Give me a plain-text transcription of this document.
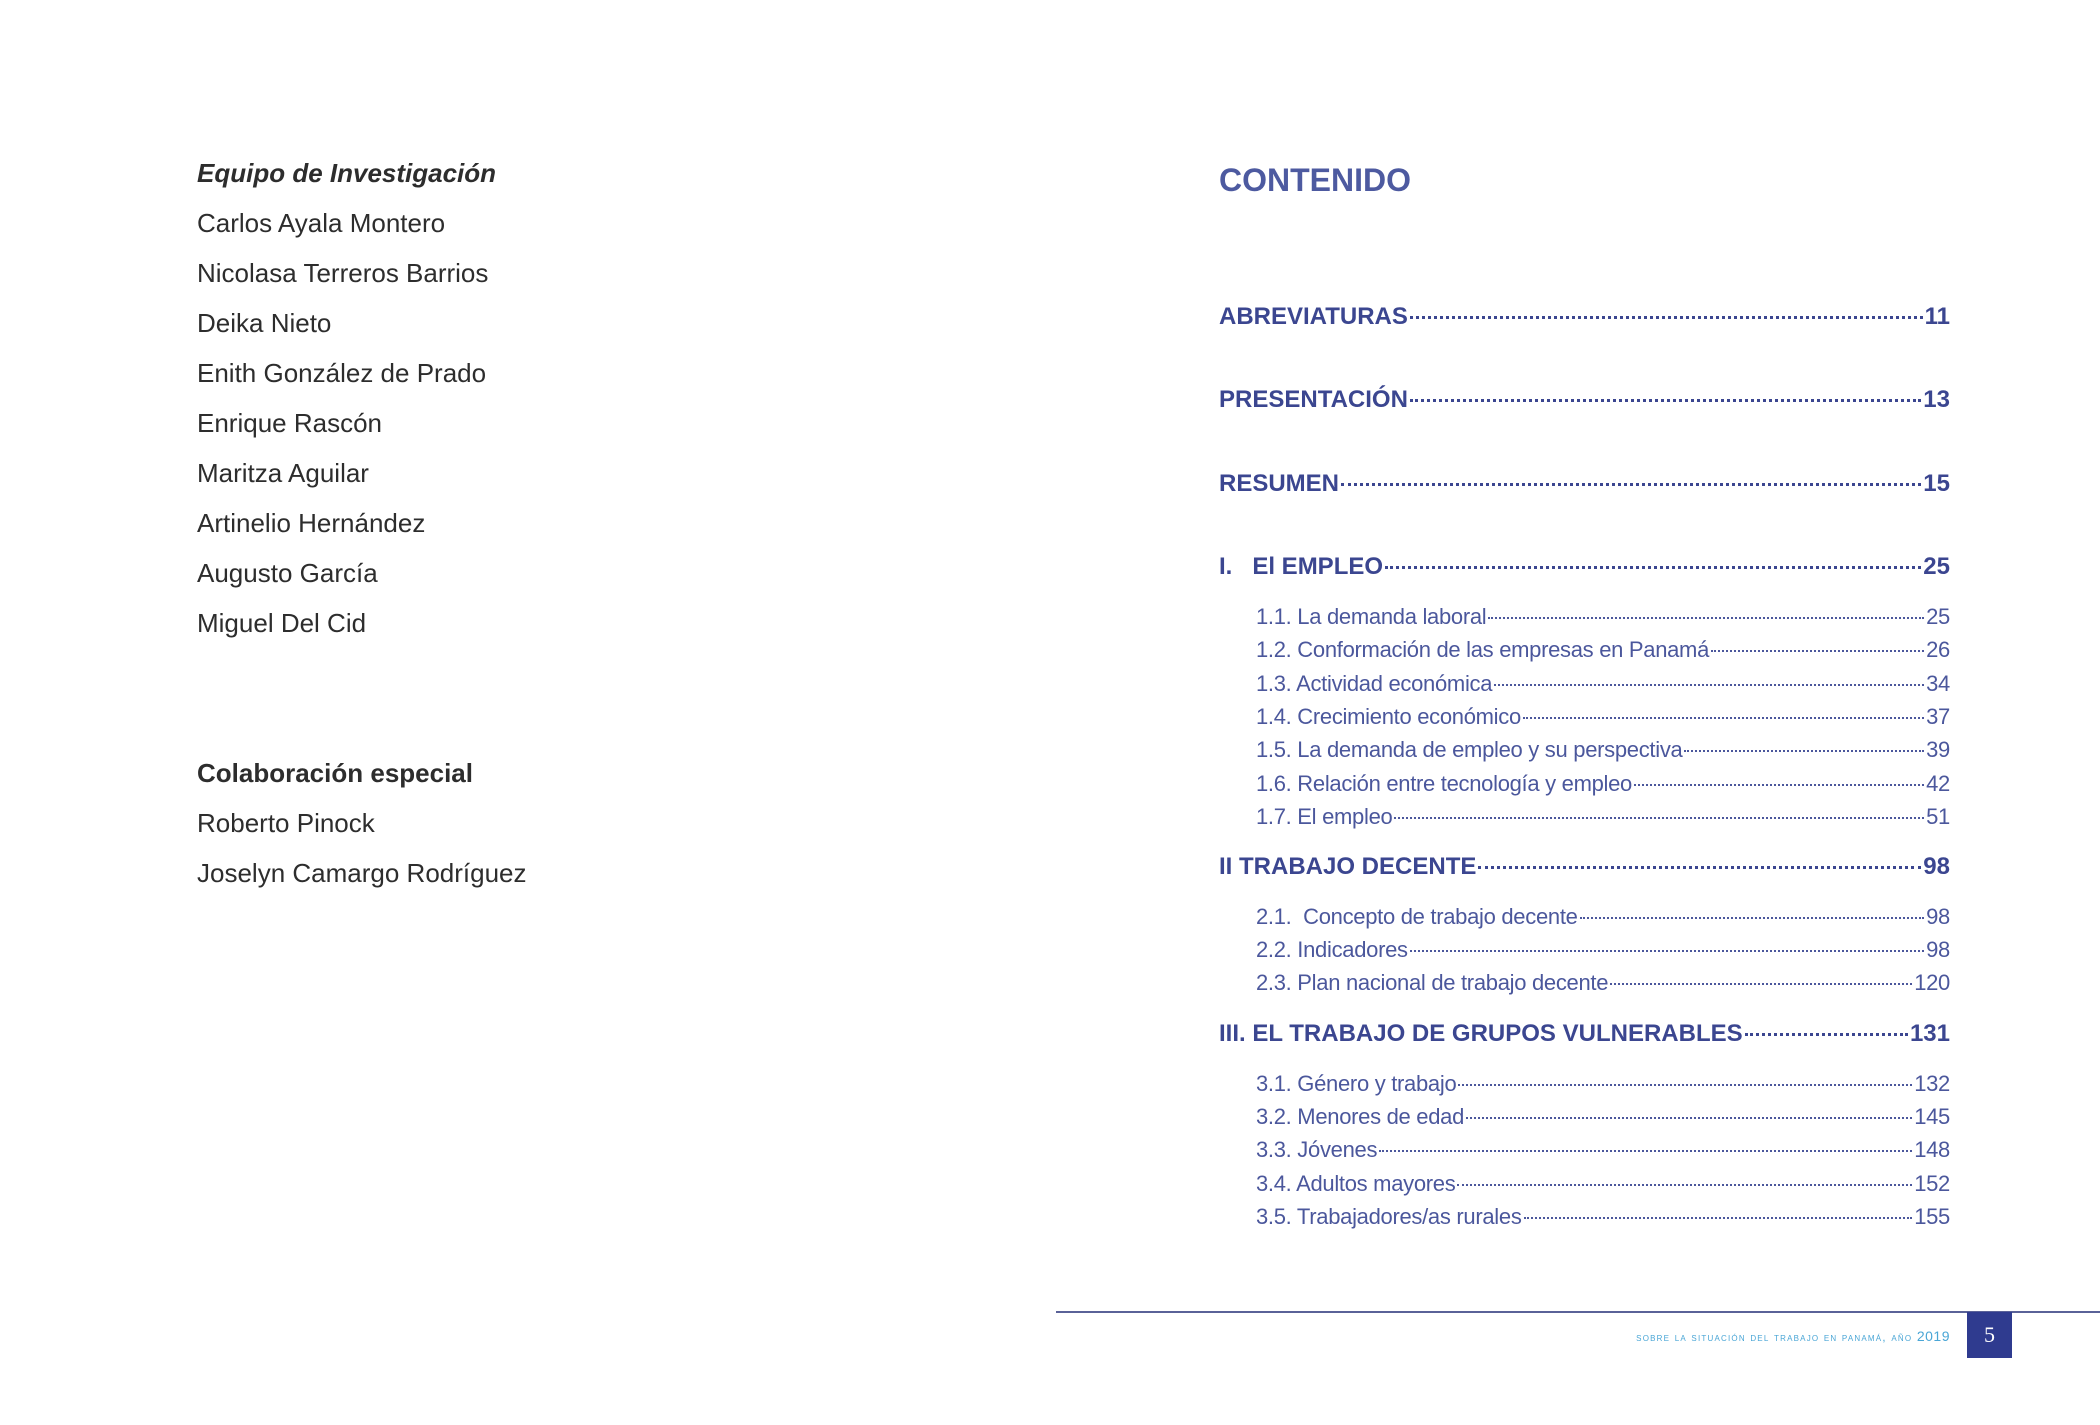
Equipo de Investigación
Carlos Ayala Montero
Nicolasa Terreros Barrios
Deika Nieto
Enith González de Prado
Enrique Rascón
Maritza Aguilar
Artinelio Hernández
Augusto García
Miguel Del Cid
Colaboración especial
Roberto Pinock
Joselyn Camargo Rodríguez
CONTENIDO
ABREVIATURAS	11
PRESENTACIÓN	13
RESUMEN	15
I.   El EMPLEO	25
1.1. La demanda laboral	25
1.2. Conformación de las empresas en Panamá	26
1.3. Actividad económica	34
1.4. Crecimiento económico	37
1.5. La demanda de empleo y su perspectiva	39
1.6. Relación entre tecnología y empleo	42
1.7. El empleo	51
II TRABAJO DECENTE	98
2.1.  Concepto de trabajo decente	98
2.2. Indicadores	98
2.3. Plan nacional de trabajo decente	120
III. EL TRABAJO DE GRUPOS VULNERABLES	131
3.1. Género y trabajo	132
3.2. Menores de edad	145
3.3. Jóvenes	148
3.4. Adultos mayores	152
3.5. Trabajadores/as rurales	155
sobre la situación del trabajo en panamá, año 2019 5
